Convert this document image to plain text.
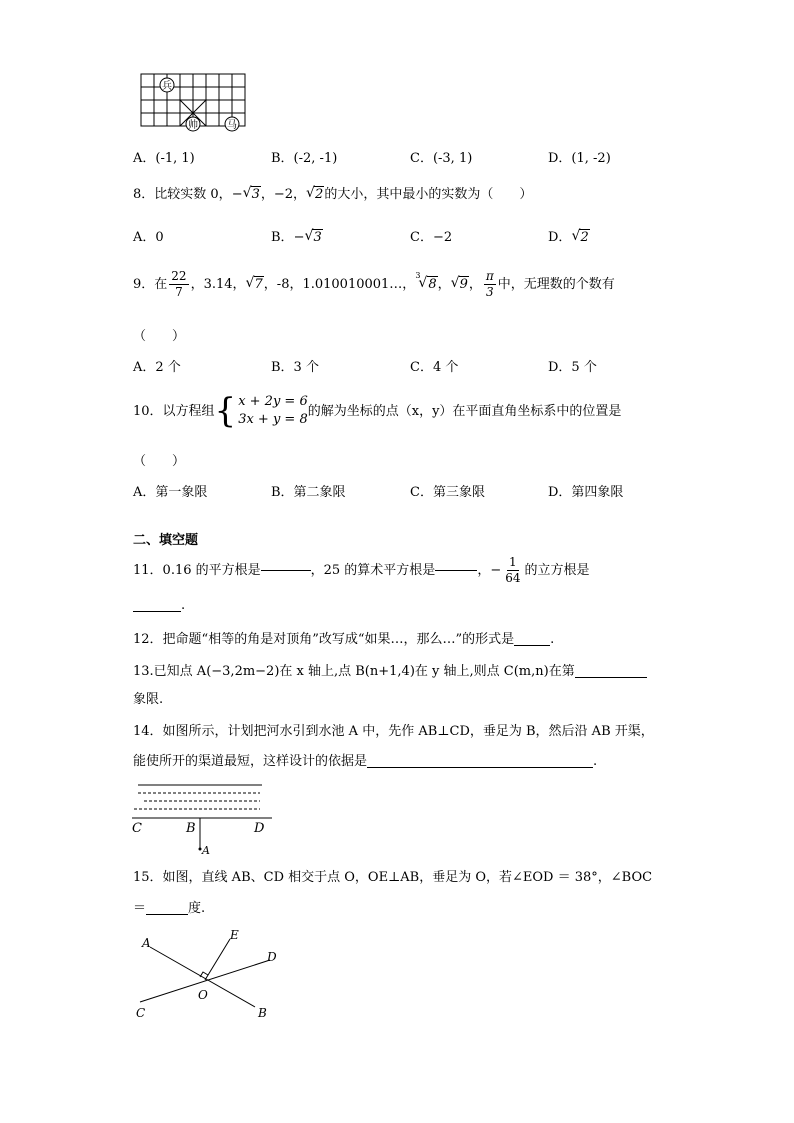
兵
帅	马
A．(-1, 1)	B．(-2, -1)	C．(-3, 1)	D．(1, -2)
8．比较实数 0，− √ 3，−2， √ 2的大小，其中最小的实数为（　　）
A．0	B．− √ 3	C．−2	D． √ 2
9．在 $\frac{22}{7}$ ，3.14， √ 7 ，-8，1.010010001…，
3
√ 8 ， √ 9 ， $\frac{\pi}{3}$ 中，无理数的个数有
（　　）
A．2 个	B．3 个	C．4 个	D．5 个
10．以方程组 { x + 2y = 6
3x + y = 8
的解为坐标的点（x，y）在平面直角坐标系中的位置是
（　　）
A．第一象限	B．第二象限	C．第三象限	D．第四象限
二、填空题
11．0.16 的平方根是	，25 的算术平方根是	，− $\frac{1}{64}$ 的立方根是
.
12．把命题“相等的角是对顶角”改写成“如果…，那么…”的形式是	.
13.已知点 A(−3,2m−2)在 x 轴上,点 B(n+1,4)在 y 轴上,则点 C(m,n)在第
象限.
14．如图所示，计划把河水引到水池 A 中，先作 AB⊥CD，垂足为 B，然后沿 AB 开渠，
能使所开的渠道最短，这样设计的依据是	.
C	B	D
A
15．如图，直线 AB、CD 相交于点 O，OE⊥AB，垂足为 O，若∠EOD ＝ 38°，∠BOC
＝	度.
A
E
D
O
C	B
